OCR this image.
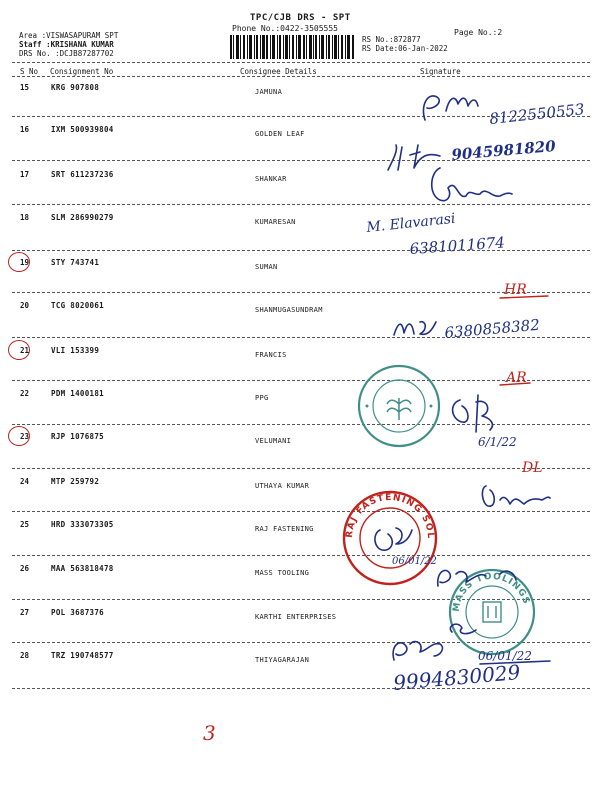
TPC/CJB DRS - SPT
Phone No.:0422-3505555
Area :VISWASAPURAM SPT
Staff :KRISHANA KUMAR
DRS No. :DCJB87287702
RS No.:872877
RS Date:06-Jan-2022
Page No.:2
S No Consignment No	Consignee Details	Signature
15	KRG 907808	JAMUNA
16	IXM 500939804	GOLDEN LEAF
17	SRT 611237236	SHANKAR
18	SLM 286990279	KUMARESAN
19	STY 743741	SUMAN
20	TCG 8020061	SHANMUGASUNDRAM
21	VLI 153399	FRANCIS
22	PDM 1400181	PPG
23	RJP 1076875	VELUMANI
24	MTP 259792	UTHAYA KUMAR
25	HRD 333073305	RAJ FASTENING
26	MAA 563818478	MASS TOOLING
27	POL 3687376	KARTHI ENTERPRISES
28	TRZ 190748577	THIYAGARAJAN
8122550553
9045981820
M. Elavarasi
6381011674
HR
6380858382
AR
6/1/22
DL
RAJ FASTENING SOLUTIONS
06/01/22
MASS TOOLINGS
06/01/22
9994830029
3
